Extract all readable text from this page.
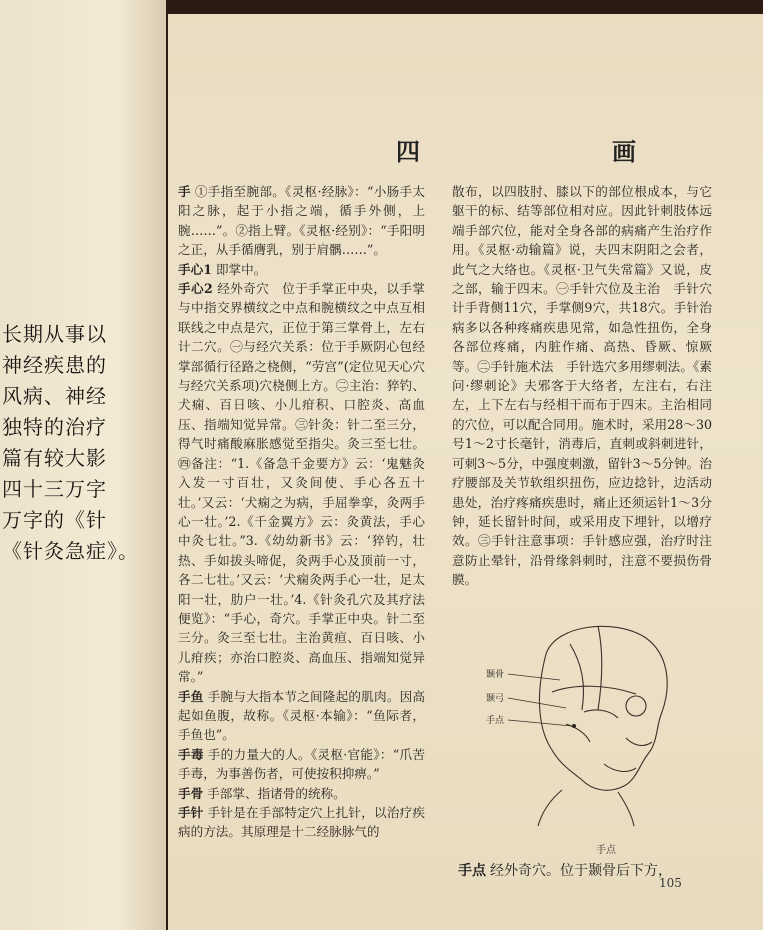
长期从事以
神经疾患的
风病、神经
独特的治疗
篇有较大影
四十三万字
万字的《针
《针灸急症》。
四　　画

手 ①手指至腕部。《灵枢·经脉》：“小肠手太阳之脉，起于小指之端，循手外侧，上腕……”。②指上臂。《灵枢·经别》：“手阳明之正，从手循膺乳，别于肩髃……”。

手心1 即掌中。

手心2 经外奇穴　位于手掌正中央，以手掌与中指交界横纹之中点和腕横纹之中点互相联线之中点是穴，正位于第三掌骨上，左右计二穴。㊀与经穴关系：位于手厥阴心包经掌部循行径路之桡侧，“劳宫”(定位见天心穴与经穴关系项)穴桡侧上方。㊁主治：猝钓、犬痫、百日咳、小儿疳积、口腔炎、高血压、指端知觉异常。㊂针灸：针二至三分，得气时痛酸麻胀感觉至指尖。灸三至七壮。㊃备注：“1.《备急千金要方》云：‘鬼魅灸入发一寸百壮，又灸间使、手心各五十壮。’又云：‘犬痫之为病，手屈拳挛，灸两手心一壮。’2.《千金翼方》云：灸黄法，手心中灸七壮。”3.《幼幼新书》云：‘猝钓，壮热、手如拔头啼促，灸两手心及顶前一寸，各二七壮。’又云：‘犬痫灸两手心一壮，足太阳一壮，肋户一壮。’4.《针灸孔穴及其疗法便览》：“手心，奇穴。手掌正中央。针二至三分。灸三至七壮。主治黄疸、百日咳、小儿疳疾；亦治口腔炎、高血压、指端知觉异常。”

手鱼 手腕与大指本节之间隆起的肌肉。因高起如鱼腹，故称。《灵枢·本输》：“鱼际者，手鱼也”。

手毒 手的力量大的人。《灵枢·官能》：“爪苦手毒，为事善伤者，可使按积抑痹。”

手骨 手部掌、指诸骨的统称。

手针 手针是在手部特定穴上扎针，以治疗疾病的方法。其原理是十二经脉脉气的

散布，以四肢肘、膝以下的部位根成本，与它躯干的标、结等部位相对应。因此针刺肢体远端手部穴位，能对全身各部的病痛产生治疗作用。《灵枢·动输篇》说，夫四末阴阳之会者，此气之大络也。《灵枢·卫气失常篇》又说，皮之部，输于四末。㊀手针穴位及主治　手针穴计手背侧11穴，手掌侧9穴，共18穴。手针治病多以各种疼痛疾患见常，如急性扭伤，全身各部位疼痛，内脏作痛、高热、昏厥、惊厥等。㊁手针施术法　手针选穴多用缪刺法。《素问·缪刺论》夫邪客于大络者，左注右，右注左，上下左右与经相干而布于四末。主治相同的穴位，可以配合同用。施术时，采用28～30号1～2寸长毫针，消毒后，直刺或斜刺进针，可刺3～5分，中强度刺激，留针3～5分钟。治疗腰部及关节软组织扭伤，应边捻针，边活动患处，治疗疼痛疾患时，痛止还须运针1～3分钟，延长留针时间，或采用皮下埋针，以增疗效。㊂手针注意事项：手针感应强，治疗时注意防止晕针，沿骨缘斜刺时，注意不要损伤骨膜。

颞骨
颞弓
手点
手点
手点 经外奇穴。位于颞骨后下方，
105
